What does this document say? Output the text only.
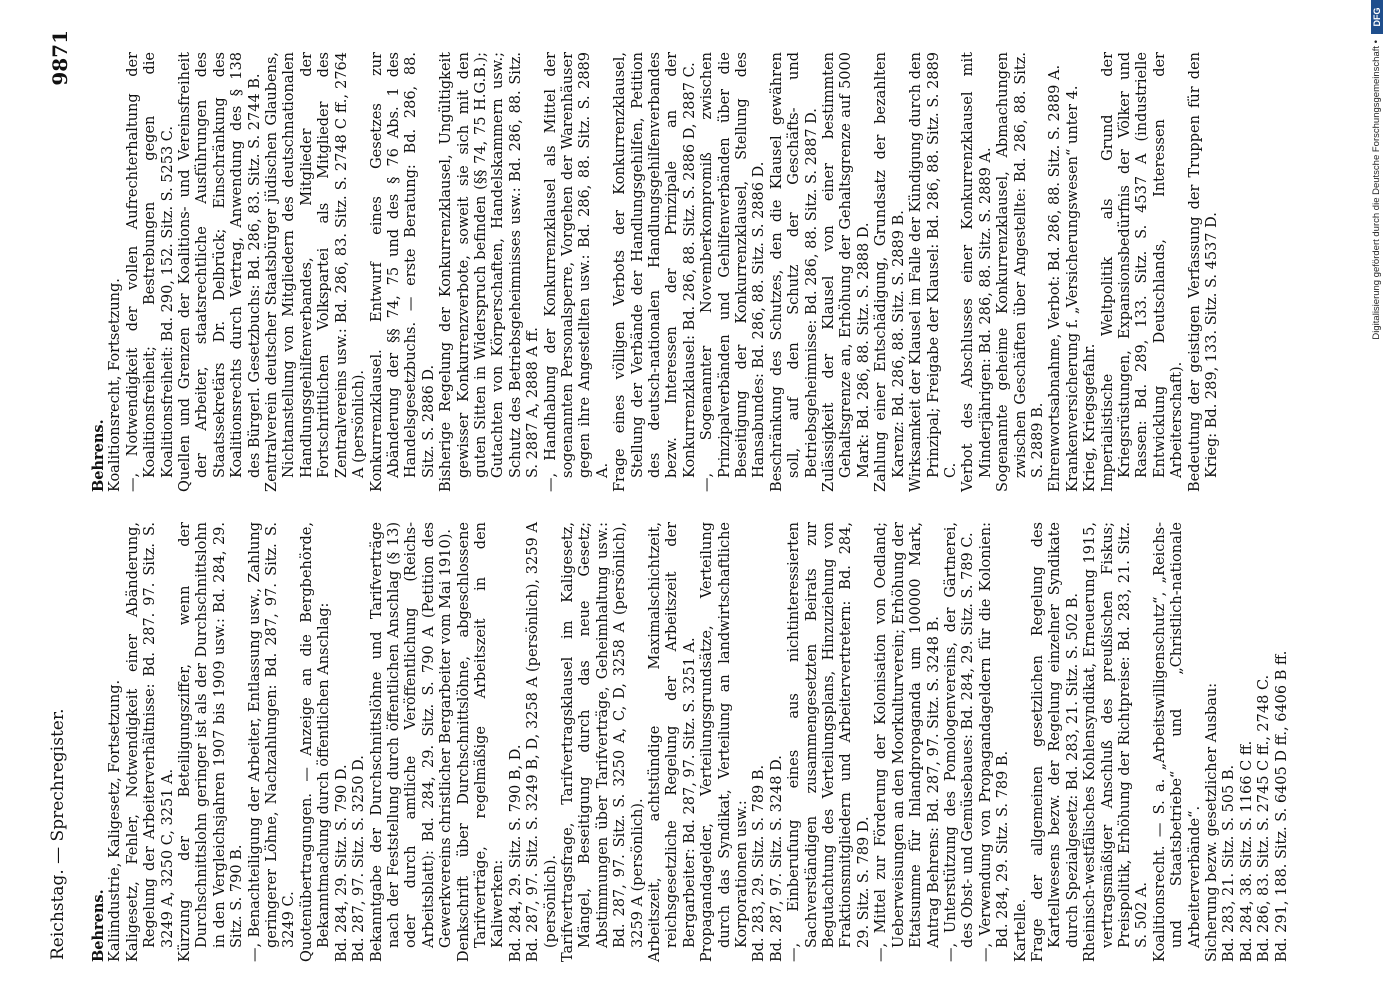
Reichstag. — Sprechregister.
9871

Behrens. Kaliindustrie, Kaligesetz, Fortsetzung. Kaligesetz, Fehler, Notwendigkeit einer Abänderung, Regelung der Arbeiterverhältnisse: Bd. 287. 97. Sitz. S. 3249 A, 3250 C, 3251 A. Kürzung der Beteiligungsziffer, wenn der Durchschnittslohn geringer ist als der Durchschnittslohn in den Vergleichsjahren 1907 bis 1909 usw.: Bd. 284, 29. Sitz. S. 790 B. —, Benachteiligung der Arbeiter, Entlassung usw., Zahlung geringerer Löhne, Nachzahlungen: Bd. 287, 97. Sitz. S. 3249 C. Quotenübertragungen. — Anzeige an die Bergbehörde, Bekanntmachung durch öffentlichen Anschlag: Bd. 284, 29. Sitz. S. 790 D. Bd. 287, 97. Sitz. S. 3250 D. Bekanntgabe der Durchschnittslöhne und Tarifverträge nach der Feststellung durch öffentlichen Anschlag (§ 13) oder durch amtliche Veröffentlichung (Reichs-Arbeitsblatt): Bd. 284, 29. Sitz. S. 790 A (Petition des Gewerkvereins christlicher Bergarbeiter vom Mai 1910). Denkschrift über Durchschnittslöhne, abgeschlossene Tarifverträge, regelmäßige Arbeitszeit in den Kaliwerken: Bd. 284, 29. Sitz. S. 790 B, D. Bd. 287, 97. Sitz. S. 3249 B, D, 3258 A (persönlich), 3259 A (persönlich). Tarifvertragsfrage, Tarifvertragsklausel im Kaligesetz, Mängel, Beseitigung durch das neue Gesetz; Abstimmungen über Tarifverträge, Geheimhaltung usw.: Bd. 287, 97. Sitz. S. 3250 A, C, D, 3258 A (persönlich), 3259 A (persönlich). Arbeitszeit, achtstündige Maximalschichtzeit, reichsgesetzliche Regelung der Arbeitszeit der Bergarbeiter: Bd. 287, 97. Sitz. S. 3251 A. Propagandagelder, Verteilungsgrundsätze, Verteilung durch das Syndikat, Verteilung an landwirtschaftliche Korporationen usw.: Bd. 283, 29. Sitz. S. 789 B. Bd. 287, 97. Sitz. S. 3248 D. —, Einberufung eines aus nichtinteressierten Sachverständigen zusammengesetzten Beirats zur Begutachtung des Verteilungsplans, Hinzuziehung von Fraktionsmitgliedern und Arbeitervertretern: Bd. 284, 29. Sitz. S. 789 D. —, Mittel zur Förderung der Kolonisation von Oedland; Ueberweisungen an den Moorkulturverein; Erhöhung der Etatsumme für Inlandpropaganda um 100000 Mark, Antrag Behrens: Bd. 287, 97. Sitz. S. 3248 B. —, Unterstützung des Pomologenvereins, der Gärtnerei, des Obst- und Gemüsebaues: Bd. 284, 29. Sitz. S. 789 C. —, Verwendung von Propagandageldern für die Kolonien: Bd. 284, 29. Sitz. S. 789 B. Kartelle. Frage der allgemeinen gesetzlichen Regelung des Kartellwesens bezw. der Regelung einzelner Syndikate durch Spezialgesetz: Bd. 283, 21. Sitz. S. 502 B. Rheinisch-westfälisches Kohlensyndikat, Erneuerung 1915, vertragsmäßiger Anschluß des preußischen Fiskus; Preispolitik, Erhöhung der Richtpreise: Bd. 283, 21. Sitz. S. 502 A. Koalitionsrecht. — S. a. „Arbeitswilligenschutz“, „Reichs- und Staatsbetriebe“ und „Christlich-nationale Arbeiterverbände“. Sicherung bezw. gesetzlicher Ausbau: Bd. 283, 21. Sitz. S. 505 B. Bd. 284, 38. Sitz. S. 1166 C ff. Bd. 286, 83. Sitz. S. 2745 C ff., 2748 C. Bd. 291, 188. Sitz. S. 6405 D ff., 6406 B ff.

Behrens. Koalitionsrecht, Fortsetzung. —, Notwendigkeit der vollen Aufrechterhaltung der Koalitionsfreiheit; Bestrebungen gegen die Koalitionsfreiheit: Bd. 290, 152. Sitz. S. 5253 C. Quellen und Grenzen der Koalitions- und Vereinsfreiheit der Arbeiter, staatsrechtliche Ausführungen des Staatssekretärs Dr. Delbrück; Einschränkung des Koalitionsrechts durch Vertrag, Anwendung des § 138 des Bürgerl. Gesetzbuchs: Bd. 286, 83. Sitz. S. 2744 B. Zentralverein deutscher Staatsbürger jüdischen Glaubens, Nichtanstellung von Mitgliedern des deutschnationalen Handlungsgehilfenverbandes, Mitglieder der Fortschrittlichen Volkspartei als Mitglieder des Zentralvereins usw.: Bd. 286, 83. Sitz. S. 2748 C ff., 2764 A (persönlich). Konkurrenzklausel. Entwurf eines Gesetzes zur Abänderung der §§ 74, 75 und des § 76 Abs. 1 des Handelsgesetzbuchs. — erste Beratung: Bd. 286, 88. Sitz. S. 2886 D. Bisherige Regelung der Konkurrenzklausel, Ungültigkeit gewisser Konkurrenzverbote, soweit sie sich mit den guten Sitten in Widerspruch befinden (§§ 74, 75 H.G.B.); Gutachten von Körperschaften, Handelskammern usw.; Schutz des Betriebsgeheimnisses usw.: Bd. 286, 88. Sitz. S. 2887 A, 2888 A ff. —, Handhabung der Konkurrenzklausel als Mittel der sogenannten Personalsperre, Vorgehen der Warenhäuser gegen ihre Angestellten usw.: Bd. 286, 88. Sitz. S. 2889 A. Frage eines völligen Verbots der Konkurrenzklausel, Stellung der Verbände der Handlungsgehilfen, Petition des deutsch-nationalen Handlungsgehilfenverbandes bezw. Interessen der Prinzipale an der Konkurrenzklausel: Bd. 286, 88. Sitz. S. 2886 D, 2887 C. —, Sogenannter Novemberkompromiß zwischen Prinzipalverbänden und Gehilfenverbänden über die Beseitigung der Konkurrenzklausel, Stellung des Hansabundes: Bd. 286, 88. Sitz. S. 2886 D. Beschränkung des Schutzes, den die Klausel gewähren soll, auf den Schutz der Geschäfts- und Betriebsgeheimnisse: Bd. 286, 88. Sitz. S. 2887 D. Zulässigkeit der Klausel von einer bestimmten Gehaltsgrenze an, Erhöhung der Gehaltsgrenze auf 5000 Mark: Bd. 286, 88. Sitz. S. 2888 D. Zahlung einer Entschädigung, Grundsatz der bezahlten Karenz: Bd. 286, 88. Sitz. S. 2889 B. Wirksamkeit der Klausel im Falle der Kündigung durch den Prinzipal; Freigabe der Klausel: Bd. 286, 88. Sitz. S. 2889 C. Verbot des Abschlusses einer Konkurrenzklausel mit Minderjährigen: Bd. 286, 88. Sitz. S. 2889 A. Sogenannte geheime Konkurrenzklausel, Abmachungen zwischen Geschäften über Angestellte: Bd. 286, 88. Sitz. S. 2889 B. Ehrenwortsabnahme, Verbot: Bd. 286, 88. Sitz. S. 2889 A. Krankenversicherung f. „Versicherungswesen“ unter 4. Krieg, Kriegsgefahr. Imperialistische Weltpolitik als Grund der Kriegsrüstungen, Expansionsbedürfnis der Völker und Rassen: Bd. 289, 133. Sitz. S. 4537 A (industrielle Entwicklung Deutschlands, Interessen der Arbeiterschaft). Bedeutung der geistigen Verfassung der Truppen für den Krieg: Bd. 289, 133. Sitz. S. 4537 D.

Digitalisierung gefördert durch die Deutsche Forschungsgemeinschaft •
DFG
